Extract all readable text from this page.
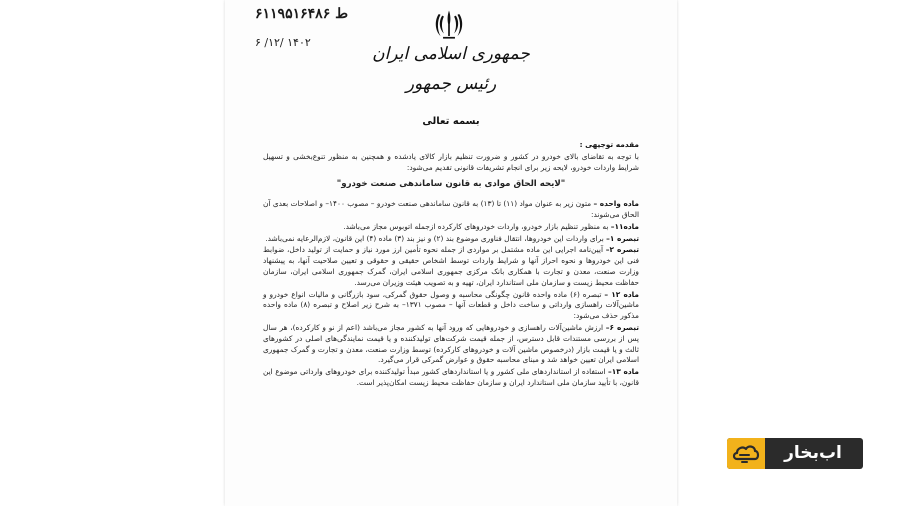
۶۱۱۹۵ط ۱۶۴۸۶
۶ /۱۲/ ۱۴۰۲
جمهوری اسلامی ایران
رئیس جمهور
بسمه تعالی

مقدمه توجیهی :

با توجه به تقاضای بالای خودرو در کشور و ضرورت تنظیم بازار کالای یادشده و همچنین به منظور تنوع‌بخشی و تسهیل شرایط واردات خودرو، لایحه زیر برای انجام تشریفات قانونی تقدیم می‌شود:

"لایحه الحاق موادی به قانون ساماندهی صنعت خودرو"

ماده واحده – متون زیر به عنوان مواد (۱۱) تا (۱۳) به قانون ساماندهی صنعت خودرو – مصوب ۱۴۰۰– و اصلاحات بعدی آن الحاق می‌شوند:

ماده۱۱– به منظور تنظیم بازار خودرو، واردات خودروهای کارکرده ازجمله اتوبوس مجاز می‌باشد.

تبصره ۱– برای واردات این خودروها، انتقال فناوری موضوع بند (۲) و نیز بند (۳) ماده (۴) این قانون، لازم‌الرعایه نمی‌باشد.

تبصره ۲– آیین‌نامه اجرایی این ماده مشتمل بر مواردی از جمله نحوه تأمین ارز مورد نیاز و حمایت از تولید داخل، ضوابط فنی این خودروها و نحوه احراز آنها و شرایط واردات توسط اشخاص حقیقی و حقوقی و تعیین صلاحیت آنها، به پیشنهاد وزارت صنعت، معدن و تجارت با همکاری بانک مرکزی جمهوری اسلامی ایران، گمرک جمهوری اسلامی ایران، سازمان حفاظت محیط زیست و سازمان ملی استاندارد ایران، تهیه و به تصویب هیئت وزیران می‌رسد.

ماده ۱۲ – تبصره (۶) ماده واحده قانون چگونگی محاسبه و وصول حقوق گمرکی، سود بازرگانی و مالیات انواع خودرو و ماشین‌آلات راهسازی وارداتی و ساخت داخل و قطعات آنها – مصوب ۱۳۷۱– به شرح زیر اصلاح و تبصره (۸) ماده واحده مذکور حذف می‌شود:

تبصره ۶– ارزش ماشین‌آلات راهسازی و خودروهایی که ورود آنها به کشور مجاز می‌باشد (اعم از نو و کارکرده)، هر سال پس از بررسی مستندات قابل دسترس، از جمله قیمت شرکت‌های تولیدکننده و یا قیمت نمایندگی‌های اصلی در کشورهای ثالث و یا قیمت بازار (درخصوص ماشین آلات و خودروهای کارکرده) توسط وزارت صنعت، معدن و تجارت و گمرک جمهوری اسلامی ایران تعیین خواهد شد و مبنای محاسبه حقوق و عوارض گمرکی قرار می‌گیرد.

ماده ۱۳– استفاده از استانداردهای ملی کشور و یا استانداردهای کشور مبدأ تولیدکننده برای خودروهای وارداتی موضوع این قانون، با تأیید سازمان ملی استاندارد ایران و سازمان حفاظت محیط زیست امکان‌پذیر است.

اب‌بخار
